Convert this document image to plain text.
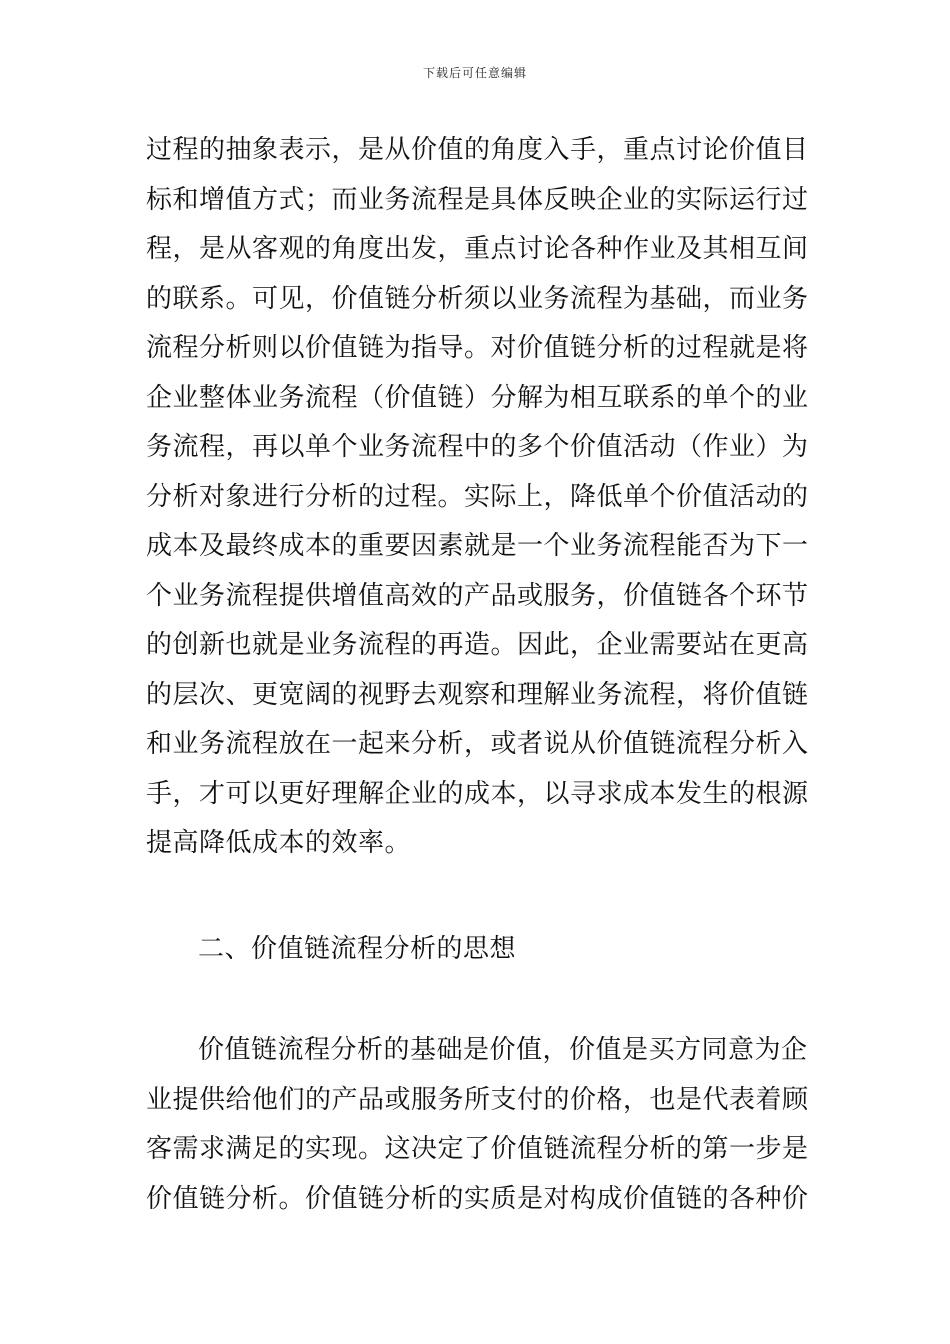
下载后可任意编辑
过程的抽象表示，是从价值的角度入手，重点讨论价值目
标和增值方式；而业务流程是具体反映企业的实际运行过
程，是从客观的角度出发，重点讨论各种作业及其相互间
的联系。可见，价值链分析须以业务流程为基础，而业务
流程分析则以价值链为指导。对价值链分析的过程就是将
企业整体业务流程（价值链）分解为相互联系的单个的业
务流程，再以单个业务流程中的多个价值活动（作业）为
分析对象进行分析的过程。实际上，降低单个价值活动的
成本及最终成本的重要因素就是一个业务流程能否为下一
个业务流程提供增值高效的产品或服务，价值链各个环节
的创新也就是业务流程的再造。因此，企业需要站在更高
的层次、更宽阔的视野去观察和理解业务流程，将价值链
和业务流程放在一起来分析，或者说从价值链流程分析入
手，才可以更好理解企业的成本，以寻求成本发生的根源
提高降低成本的效率。
二、价值链流程分析的思想
价值链流程分析的基础是价值，价值是买方同意为企
业提供给他们的产品或服务所支付的价格，也是代表着顾
客需求满足的实现。这决定了价值链流程分析的第一步是
价值链分析。价值链分析的实质是对构成价值链的各种价
